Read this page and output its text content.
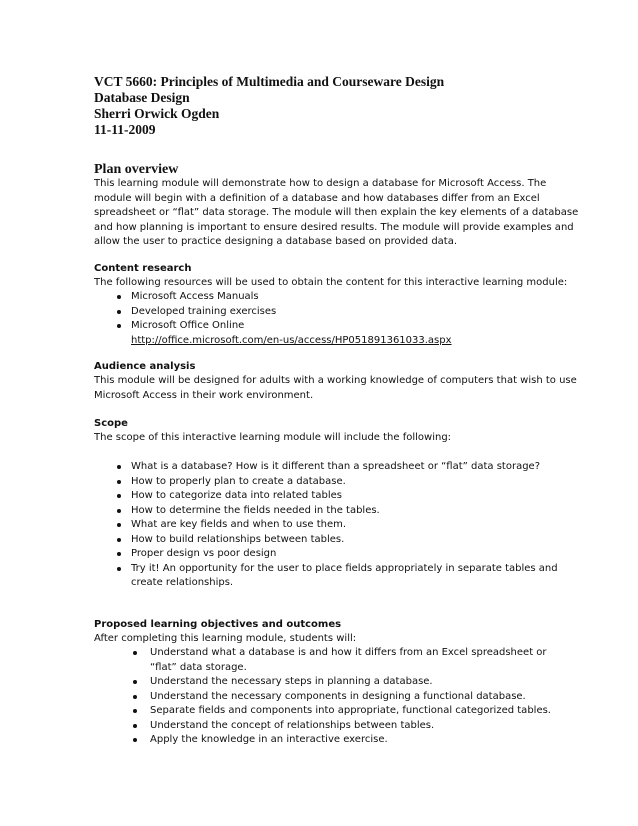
VCT 5660: Principles of Multimedia and Courseware Design
Database Design
Sherri Orwick Ogden
11-11-2009
Plan overview
This learning module will demonstrate how to design a database for Microsoft Access. The
module will begin with a definition of a database and how databases differ from an Excel
spreadsheet or “flat” data storage. The module will then explain the key elements of a database
and how planning is important to ensure desired results. The module will provide examples and
allow the user to practice designing a database based on provided data.
Content research
The following resources will be used to obtain the content for this interactive learning module:
Microsoft Access Manuals
Developed training exercises
Microsoft Office Online
http://office.microsoft.com/en-us/access/HP051891361033.aspx
Audience analysis
This module will be designed for adults with a working knowledge of computers that wish to use
Microsoft Access in their work environment.
Scope
The scope of this interactive learning module will include the following:
What is a database? How is it different than a spreadsheet or “flat” data storage?
How to properly plan to create a database.
How to categorize data into related tables
How to determine the fields needed in the tables.
What are key fields and when to use them.
How to build relationships between tables.
Proper design vs poor design
Try it! An opportunity for the user to place fields appropriately in separate tables and
create relationships.
Proposed learning objectives and outcomes
After completing this learning module, students will:
Understand what a database is and how it differs from an Excel spreadsheet or
“flat” data storage.
Understand the necessary steps in planning a database.
Understand the necessary components in designing a functional database.
Separate fields and components into appropriate, functional categorized tables.
Understand the concept of relationships between tables.
Apply the knowledge in an interactive exercise.
